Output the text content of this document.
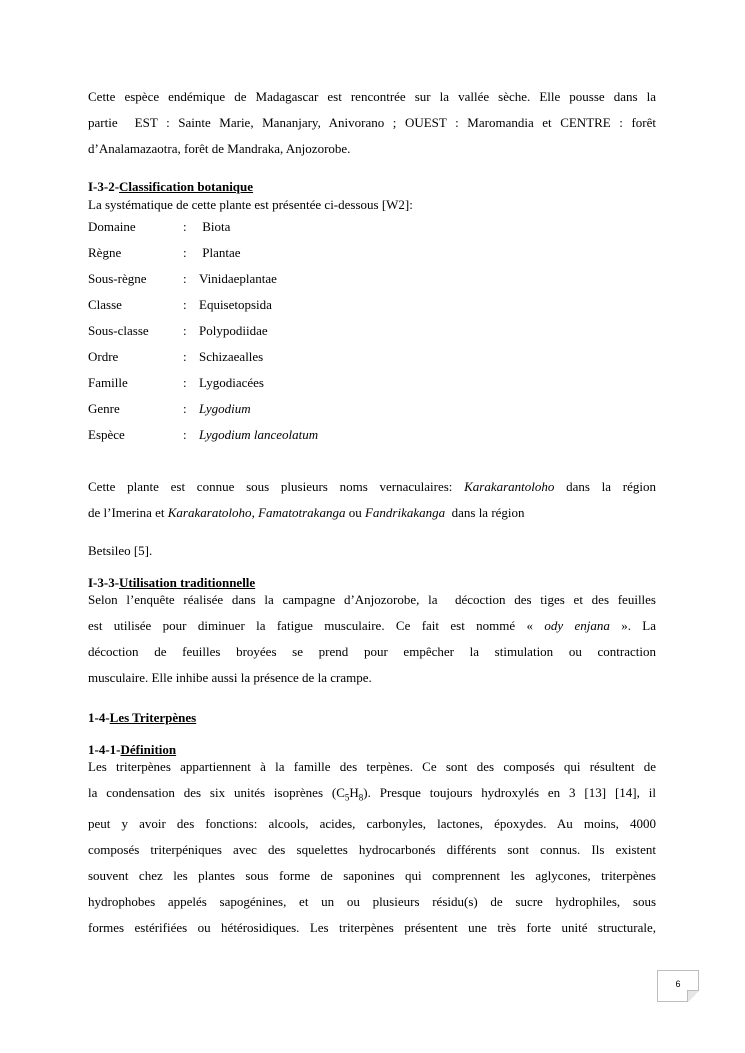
Cette espèce endémique de Madagascar est rencontrée sur la vallée sèche. Elle pousse dans la

partie  EST : Sainte Marie, Mananjary, Anivorano ; OUEST : Maromandia et CENTRE : forêt

d’Analamazaotra, forêt de Mandraka, Anjozorobe.

I-3-2-Classification botanique

La systématique de cette plante est présentée ci-dessous [W2]:

Domaine	: Biota
Règne	: Plantae
Sous-règne	: Vinidaeplantae
Classe	: Equisetopsida
Sous-classe	: Polypodiidae
Ordre	: Schizaealles
Famille	: Lygodiacées
Genre	: Lygodium
Espèce	: Lygodium lanceolatum

Cette plante est connue sous plusieurs noms vernaculaires: Karakarantoloho dans la région

de l’Imerina et Karakaratoloho, Famatotrakanga ou Fandrikakanga  dans la région

Betsileo [5].

I-3-3-Utilisation traditionnelle

Selon l’enquête réalisée dans la campagne d’Anjozorobe, la  décoction des tiges et des feuilles

est utilisée pour diminuer la fatigue musculaire. Ce fait est nommé « ody enjana ». La

décoction de feuilles broyées se prend pour empêcher la stimulation ou contraction

musculaire. Elle inhibe aussi la présence de la crampe.

1-4-Les Triterpènes
1-4-1-Définition

Les triterpènes appartiennent à la famille des terpènes. Ce sont des composés qui résultent de

la condensation des six unités isoprènes $(C_5H_8)$. Presque toujours hydroxylés en 3 [13] [14], il

peut y avoir des fonctions: alcools, acides, carbonyles, lactones, époxydes. Au moins, 4000

composés triterpéniques avec des squelettes hydrocarbonés différents sont connus. Ils existent

souvent chez les plantes sous forme de saponines qui comprennent les aglycones, triterpènes

hydrophobes appelés sapogénines, et un ou plusieurs résidu(s) de sucre hydrophiles, sous

formes estérifiées ou hétérosidiques. Les triterpènes présentent une très forte unité structurale,

6
